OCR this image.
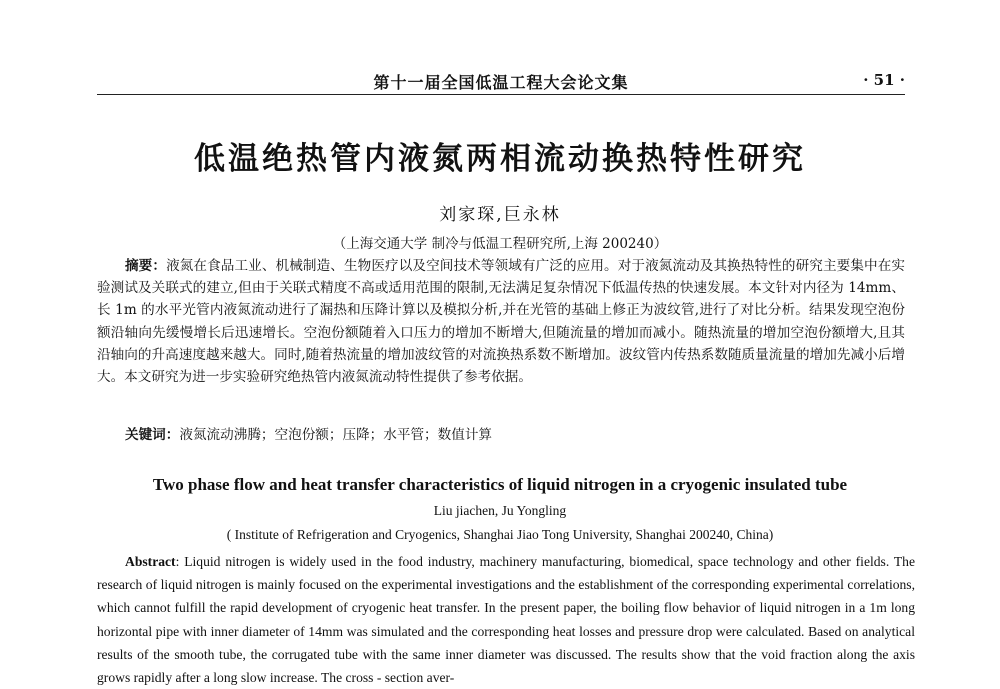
第十一届全国低温工程大会论文集	· 51 ·
低温绝热管内液氮两相流动换热特性研究
刘家琛,巨永林
（上海交通大学 制冷与低温工程研究所,上海 200240）
摘要：液氮在食品工业、机械制造、生物医疗以及空间技术等领域有广泛的应用。对于液氮流动及其换热特性的研究主要集中在实验测试及关联式的建立,但由于关联式精度不高或适用范围的限制,无法满足复杂情况下低温传热的快速发展。本文针对内径为 14mm、长 1m 的水平光管内液氮流动进行了漏热和压降计算以及模拟分析,并在光管的基础上修正为波纹管,进行了对比分析。结果发现空泡份额沿轴向先缓慢增长后迅速增长。空泡份额随着入口压力的增加不断增大,但随流量的增加而减小。随热流量的增加空泡份额增大,且其沿轴向的升高速度越来越大。同时,随着热流量的增加波纹管的对流换热系数不断增加。波纹管内传热系数随质量流量的增加先减小后增大。本文研究为进一步实验研究绝热管内液氮流动特性提供了参考依据。
关键词：液氮流动沸腾；空泡份额；压降；水平管；数值计算
Two phase flow and heat transfer characteristics of liquid nitrogen in a cryogenic insulated tube
Liu jiachen, Ju Yongling
( Institute of Refrigeration and Cryogenics, Shanghai Jiao Tong University, Shanghai 200240, China)
Abstract: Liquid nitrogen is widely used in the food industry, machinery manufacturing, biomedical, space technology and other fields. The research of liquid nitrogen is mainly focused on the experimental investigations and the establishment of the corresponding experimental correlations, which cannot fulfill the rapid development of cryogenic heat transfer. In the present paper, the boiling flow behavior of liquid nitrogen in a 1m long horizontal pipe with inner diameter of 14mm was simulated and the corresponding heat losses and pressure drop were calculated. Based on analytical results of the smooth tube, the corrugated tube with the same inner diameter was discussed. The results show that the void fraction along the axis grows rapidly after a long slow increase. The cross - section aver-
